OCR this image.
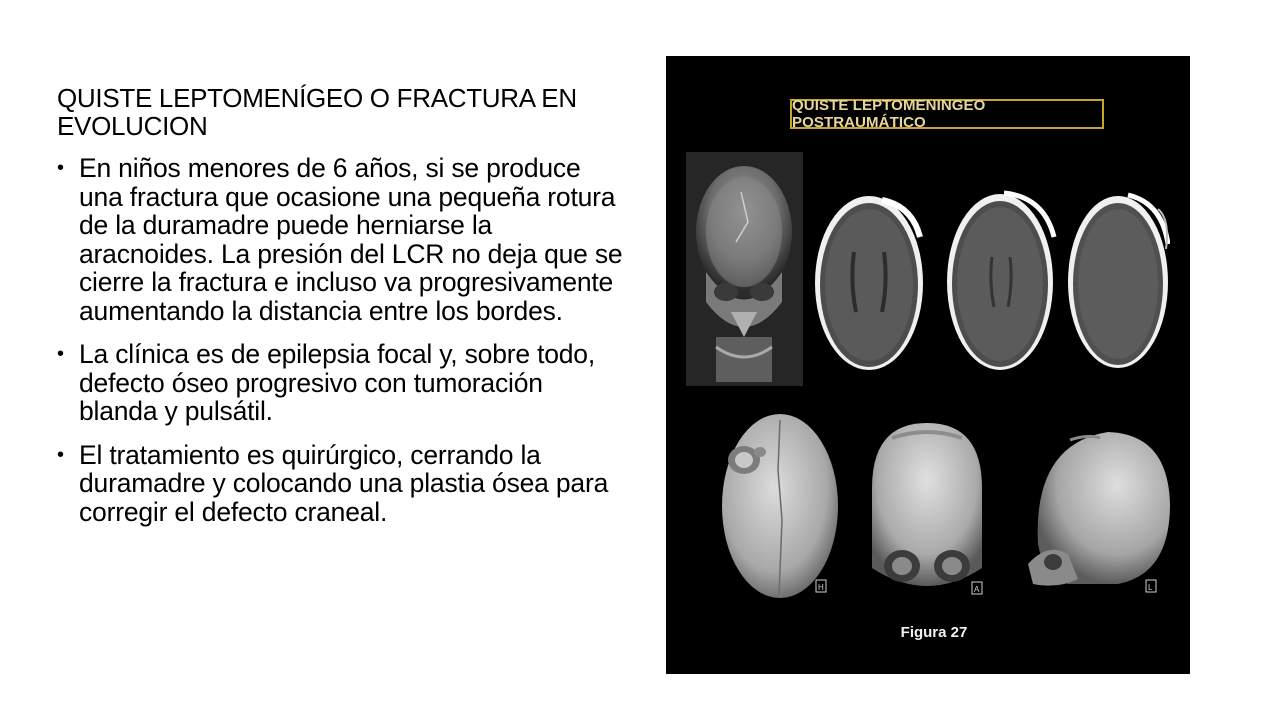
QUISTE LEPTOMENÍGEO O FRACTURA EN EVOLUCION
• En niños menores de 6 años, si se produce una fractura que ocasione una pequeña rotura de la duramadre puede herniarse la aracnoides. La presión del LCR no deja que se cierre la fractura e incluso va progresivamente aumentando la distancia entre los bordes.
• La clínica es de epilepsia focal y, sobre todo, defecto óseo progresivo con tumoración blanda y pulsátil.
• El tratamiento es quirúrgico, cerrando la duramadre y colocando una plastia ósea para corregir el defecto craneal.
QUISTE LEPTOMENINGEO POSTRAUMÁTICO
H	A	L
Figura 27
